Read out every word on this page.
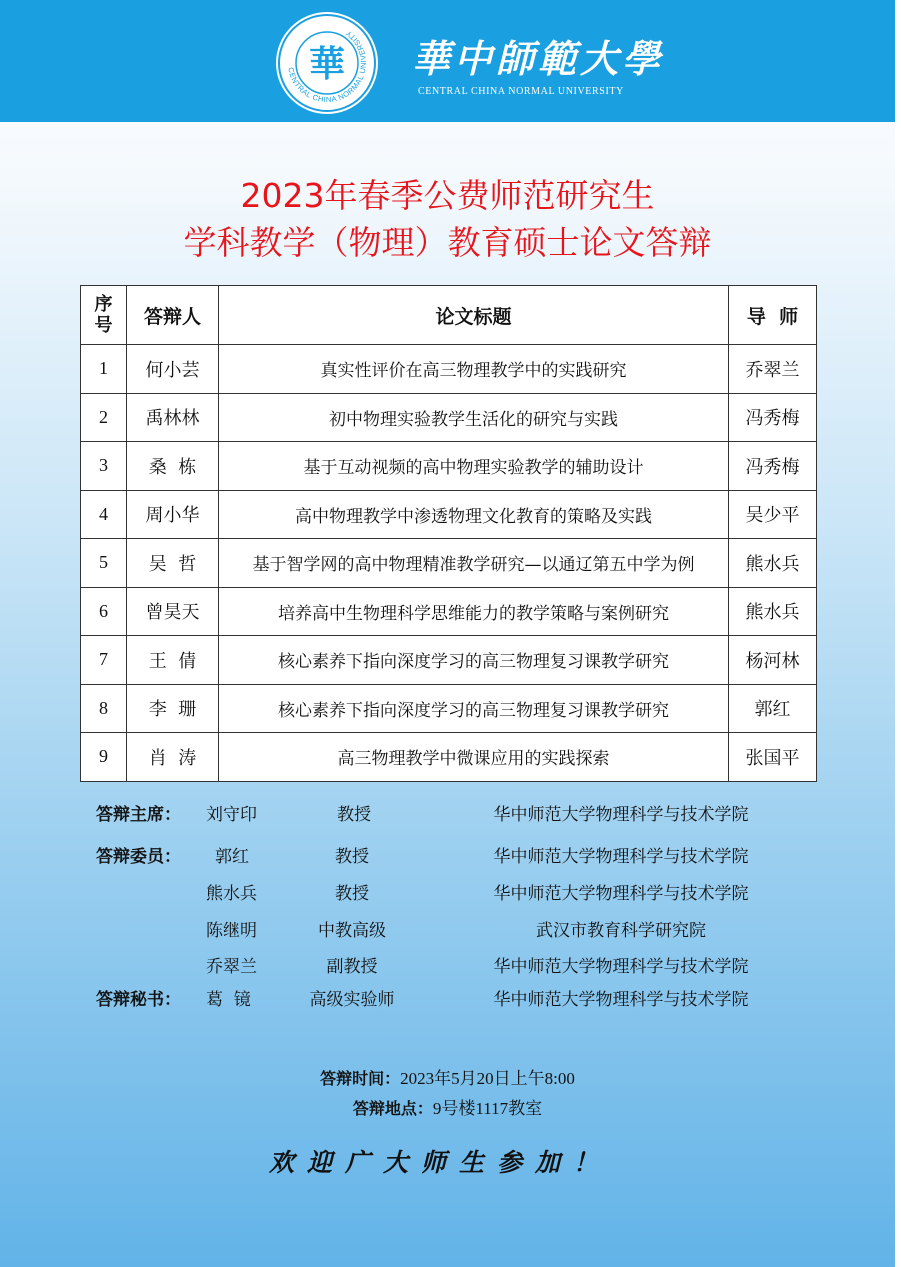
CENTRAL CHINA NORMAL UNIVERSITY
華 華中師範大學
CENTRAL CHINA NORMAL UNIVERSITY
2023年春季公费师范研究生
学科教学（物理）教育硕士论文答辩
序
号	答辩人	论文标题	导  师
1	何小芸	真实性评价在高三物理教学中的实践研究	乔翠兰
2	禹林林	初中物理实验教学生活化的研究与实践	冯秀梅
3	桑  栋	基于互动视频的高中物理实验教学的辅助设计	冯秀梅
4	周小华	高中物理教学中渗透物理文化教育的策略及实践	吴少平
5	吴  哲	基于智学网的高中物理精准教学研究—以通辽第五中学为例	熊水兵
6	曾昊天	培养高中生物理科学思维能力的教学策略与案例研究	熊水兵
7	王  倩	核心素养下指向深度学习的高三物理复习课教学研究	杨河林
8	李  珊	核心素养下指向深度学习的高三物理复习课教学研究	郭红
9	肖  涛	高三物理教学中微课应用的实践探索	张国平
答辩主席： 刘守印	教授	华中师范大学物理科学与技术学院
答辩委员： 郭红	教授	华中师范大学物理科学与技术学院
熊水兵	教授	华中师范大学物理科学与技术学院
陈继明	中教高级	武汉市教育科学研究院
乔翠兰	副教授	华中师范大学物理科学与技术学院
答辩秘书： 葛  镜	高级实验师	华中师范大学物理科学与技术学院
答辩时间：2023年5月20日上午8:00
答辩地点：9号楼1117教室
欢迎广大师生参加！
